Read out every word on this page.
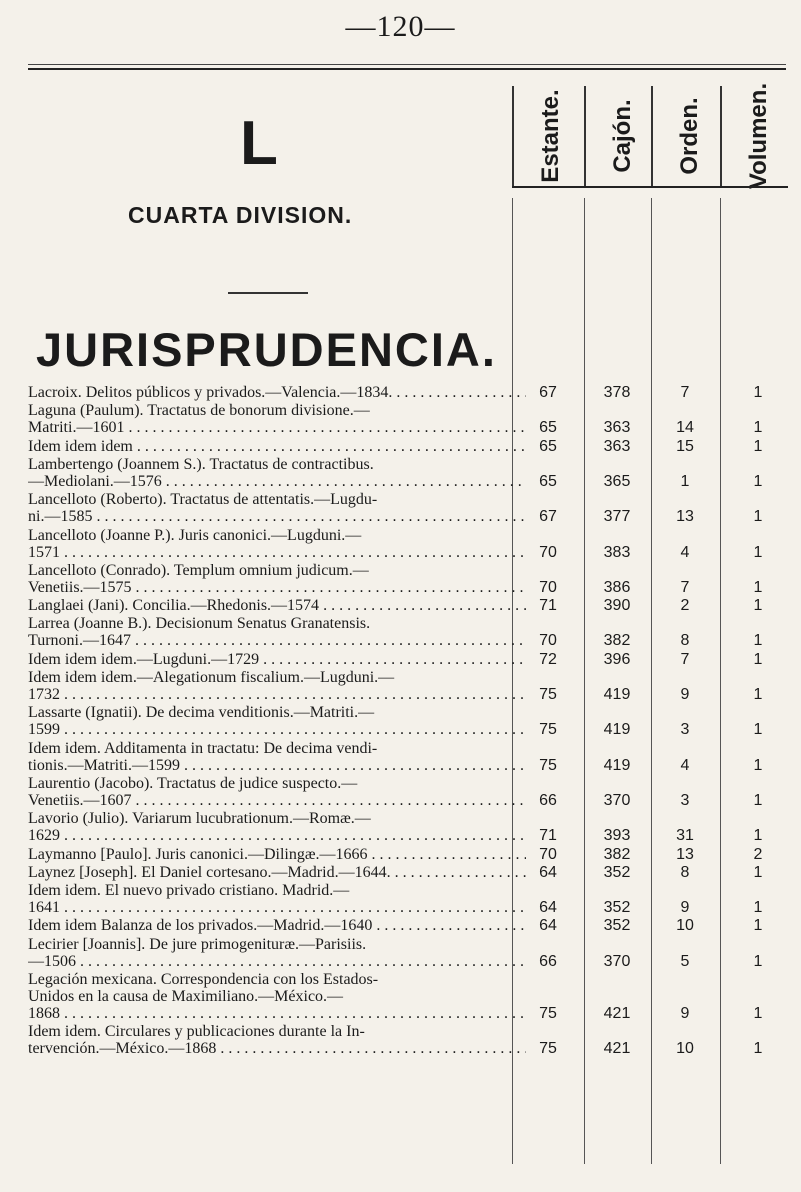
—120—
L
CUARTA DIVISION.
JURISPRUDENCIA.
Estante. Cajón. Orden. Volumen.
Lacroix. Delitos públicos y privados.—Valencia.—1834. . . .	67	378	7	1
Laguna (Paulum). Tractatus de bonorum divisione.—
Matriti.—1601 . . .	65	363	14	1
Idem idem idem . . .	65	363	15	1
Lambertengo (Joannem S.). Tractatus de contractibus.
—Mediolani.—1576 . . .	65	365	1	1
Lancelloto (Roberto). Tractatus de attentatis.—Lugdu-
ni.—1585 . . .	67	377	13	1
Lancelloto (Joanne P.). Juris canonici.—Lugduni.—
1571 . . .	70	383	4	1
Lancelloto (Conrado). Templum omnium judicum.—
Venetiis.—1575 . . .	70	386	7	1
Langlaei (Jani). Concilia.—Rhedonis.—1574 . . .	71	390	2	1
Larrea (Joanne B.). Decisionum Senatus Granatensis.
Turnoni.—1647 . . .	70	382	8	1
Idem idem idem.—Lugduni.—1729 . . .	72	396	7	1
Idem idem idem.—Alegationum fiscalium.—Lugduni.—
1732 . . .	75	419	9	1
Lassarte (Ignatii). De decima venditionis.—Matriti.—
1599 . . .	75	419	3	1
Idem idem. Additamenta in tractatu: De decima vendi-
tionis.—Matriti.—1599 . . .	75	419	4	1
Laurentio (Jacobo). Tractatus de judice suspecto.—
Venetiis.—1607 . . .	66	370	3	1
Lavorio (Julio). Variarum lucubrationum.—Romæ.—
1629 . . .	71	393	31	1
Laymanno [Paulo]. Juris canonici.—Dilingæ.—1666 . . .	70	382	13	2
Laynez [Joseph]. El Daniel cortesano.—Madrid.—1644. . . .	64	352	8	1
Idem idem. El nuevo privado cristiano. Madrid.—
1641 . . .	64	352	9	1
Idem idem Balanza de los privados.—Madrid.—1640 . . .	64	352	10	1
Lecirier [Joannis]. De jure primogenituræ.—Parisiis.
—1506 . . .	66	370	5	1
Legación mexicana. Correspondencia con los Estados-
Unidos en la causa de Maximiliano.—México.—
1868 . . .	75	421	9	1
Idem idem. Circulares y publicaciones durante la In-
tervención.—México.—1868 . . .	75	421	10	1
